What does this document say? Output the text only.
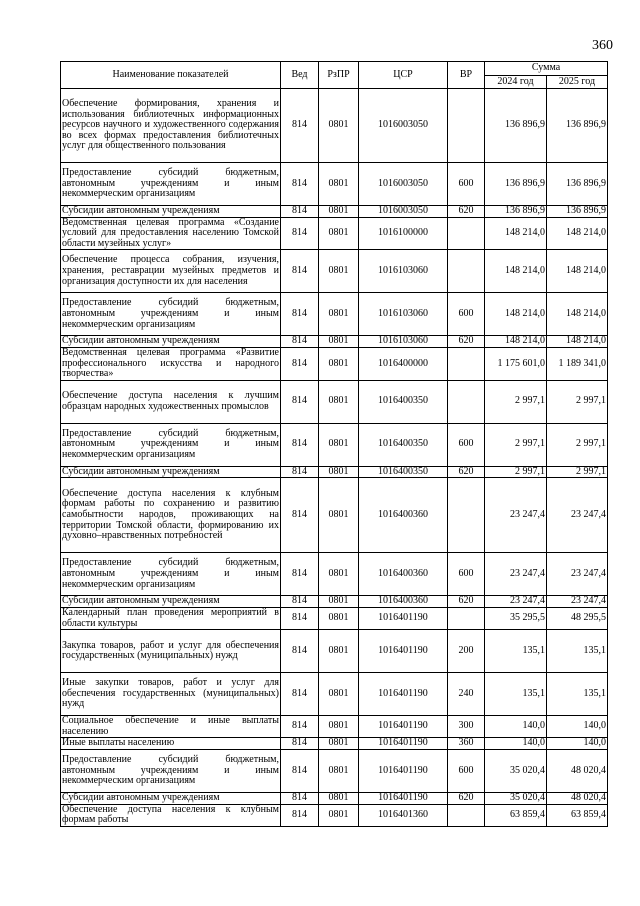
360
Наименование показателей	Вед	РзПР	ЦСР	ВР	Сумма	
					2024 год	2025 год
Обеспечение формирования, хранения и использования библиотечных информационных ресурсов научного и художественного содержания во всех формах предоставления библиотечных услуг для общественного пользования	814	0801	1016003050		136 896,9	136 896,9
Предоставление субсидий бюджетным, автономным учреждениям и иным некоммерческим организациям	814	0801	1016003050	600	136 896,9	136 896,9
Субсидии автономным учреждениям	814	0801	1016003050	620	136 896,9	136 896,9
Ведомственная целевая программа «Создание условий для предоставления населению Томской области музейных услуг»	814	0801	1016100000		148 214,0	148 214,0
Обеспечение процесса собрания, изучения, хранения, реставрации музейных предметов и организация доступности их для населения	814	0801	1016103060		148 214,0	148 214,0
Предоставление субсидий бюджетным, автономным учреждениям и иным некоммерческим организациям	814	0801	1016103060	600	148 214,0	148 214,0
Субсидии автономным учреждениям	814	0801	1016103060	620	148 214,0	148 214,0
Ведомственная целевая программа «Развитие профессионального искусства и народного творчества»	814	0801	1016400000		1 175 601,0	1 189 341,0
Обеспечение доступа населения к лучшим образцам народных художественных промыслов	814	0801	1016400350		2 997,1	2 997,1
Предоставление субсидий бюджетным, автономным учреждениям и иным некоммерческим организациям	814	0801	1016400350	600	2 997,1	2 997,1
Субсидии автономным учреждениям	814	0801	1016400350	620	2 997,1	2 997,1
Обеспечение доступа населения к клубным формам работы по сохранению и развитию самобытности народов, проживающих на территории Томской области, формированию их духовно–нравственных потребностей	814	0801	1016400360		23 247,4	23 247,4
Предоставление субсидий бюджетным, автономным учреждениям и иным некоммерческим организациям	814	0801	1016400360	600	23 247,4	23 247,4
Субсидии автономным учреждениям	814	0801	1016400360	620	23 247,4	23 247,4
Календарный план проведения мероприятий в области культуры	814	0801	1016401190		35 295,5	48 295,5
Закупка товаров, работ и услуг для обеспечения государственных (муниципальных) нужд	814	0801	1016401190	200	135,1	135,1
Иные закупки товаров, работ и услуг для обеспечения государственных (муниципальных) нужд	814	0801	1016401190	240	135,1	135,1
Социальное обеспечение и иные выплаты населению	814	0801	1016401190	300	140,0	140,0
Иные выплаты населению	814	0801	1016401190	360	140,0	140,0
Предоставление субсидий бюджетным, автономным учреждениям и иным некоммерческим организациям	814	0801	1016401190	600	35 020,4	48 020,4
Субсидии автономным учреждениям	814	0801	1016401190	620	35 020,4	48 020,4
Обеспечение доступа населения к клубным формам работы	814	0801	1016401360		63 859,4	63 859,4
